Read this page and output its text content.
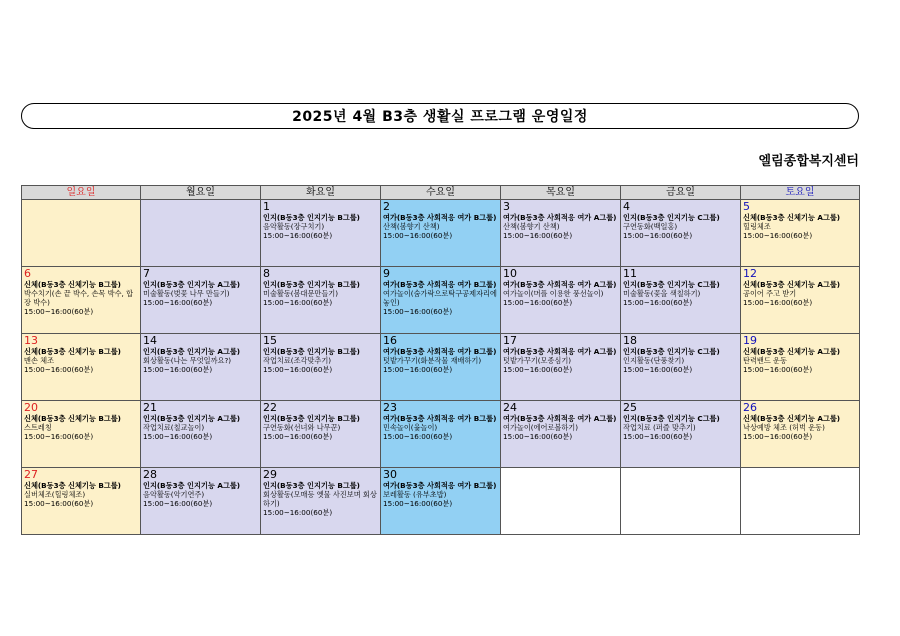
2025년 4월 B3층 생활실 프로그램 운영일정
엘림종합복지센터
일요일	월요일	화요일	수요일	목요일	금요일	토요일

		1
인지(B동3층 인지기능 B그룹)
음악활동(장구치기)
15:00~16:00(60분)	2
여가(B동3층 사회적응 여가 B그룹)
산책(봄향기 산책)
15:00~16:00(60분)	3
여가(B동3층 사회적응 여가 A그룹)
산책(봄향기 산책)
15:00~16:00(60분)	4
인지(B동3층 인지기능 C그룹)
구연동화(백일홍)
15:00~16:00(60분)	5
신체(B동3층 신체기능 A그룹)
힐링체조
15:00~16:00(60분)

6
신체(B동3층 신체기능 B그룹)
박수치기(손 끝 박수, 손목 박수, 합장 박수)
15:00~16:00(60분)	7
인지(B동3층 인지기능 A그룹)
미술활동(벚꽃 나무 만들기)
15:00~16:00(60분)	8
인지(B동3층 인지기능 B그룹)
미술활동(봄대문만들기)
15:00~16:00(60분)	9
여가(B동3층 사회적응 여가 B그룹)
여가놀이(숨가락으로탁구공제자리에놓인)
15:00~16:00(60분)	10
여가(B동3층 사회적응 여가 A그룹)
여가놀이(머플 이용한 풍선놀이)
15:00~16:00(60분)	11
인지(B동3층 인지기능 C그룹)
미술활동(꽃을 색칠하기)
15:00~16:00(60분)	12
신체(B동3층 신체기능 A그룹)
공이어 주고 받기
15:00~16:00(60분)

13
신체(B동3층 신체기능 B그룹)
맨손 체조
15:00~16:00(60분)	14
인지(B동3층 인지기능 A그룹)
회상활동(나는 무엇일까요?)
15:00~16:00(60분)	15
인지(B동3층 인지기능 B그룹)
작업치료(조각맞추기)
15:00~16:00(60분)	16
여가(B동3층 사회적응 여가 B그룹)
텃밭가꾸기(화분작물 재배하기)
15:00~16:00(60분)	17
여가(B동3층 사회적응 여가 A그룹)
텃밭가꾸기(모종심기)
15:00~16:00(60분)	18
인지(B동3층 인지기능 C그룹)
인지활동(단풍찾기)
15:00~16:00(60분)	19
신체(B동3층 신체기능 A그룹)
탄력밴드 운동
15:00~16:00(60분)

20
신체(B동3층 신체기능 B그룹)
스트레칭
15:00~16:00(60분)	21
인지(B동3층 인지기능 A그룹)
작업치료(칠교놀이)
15:00~16:00(60분)	22
인지(B동3층 인지기능 B그룹)
구연동화(선녀와 나무꾼)
15:00~16:00(60분)	23
여가(B동3층 사회적응 여가 B그룹)
민속놀이(윷놀이)
15:00~16:00(60분)	24
여가(B동3층 사회적응 여가 A그룹)
여가놀이(에어로볼하기)
15:00~16:00(60분)	25
인지(B동3층 인지기능 C그룹)
작업치료 (퍼즐 맞추기)
15:00~16:00(60분)	26
신체(B동3층 신체기능 A그룹)
낙상예방 체조 (허벅 운동)
15:00~16:00(60분)

27
신체(B동3층 신체기능 B그룹)
실버체조(힐링체조)
15:00~16:00(60분)	28
인지(B동3층 인지기능 A그룹)
음악활동(악기연주)
15:00~16:00(60분)	29
인지(B동3층 인지기능 B그룹)
회상활동(모매등 옛물 사진보며 회상하기)
15:00~16:00(60분)	30
여가(B동3층 사회적응 여가 B그룹)
보레활동 (유부초밥)
15:00~16:00(60분)			
